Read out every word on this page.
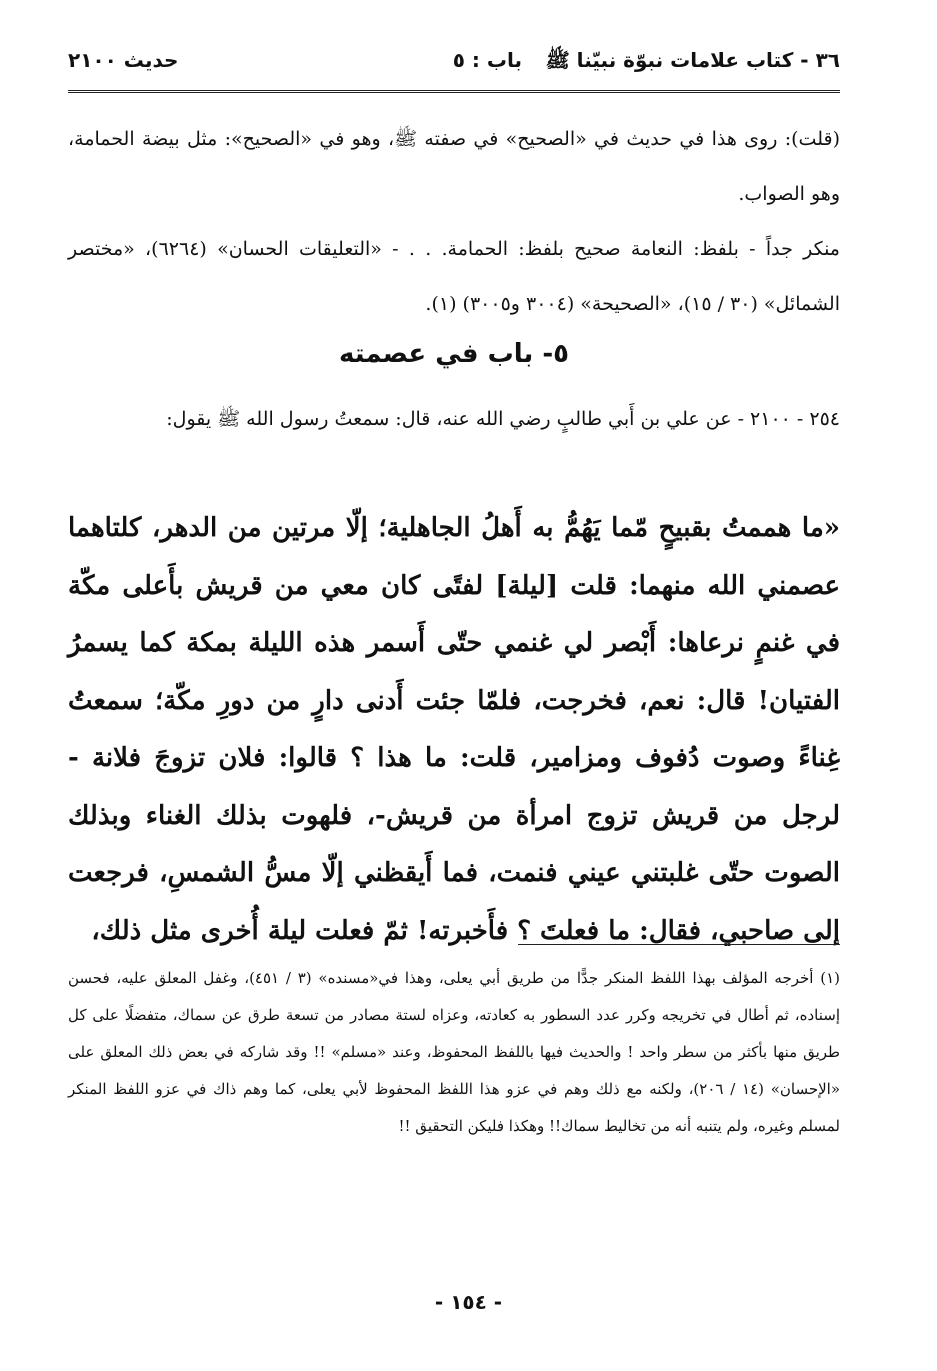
٣٦ - كتاب علامات نبوّة نبيّنا ﷺ
باب : ٥
حديث ٢١٠٠
(قلت): روى هذا في حديث في «الصحيح» في صفته ﷺ، وهو في «الصحيح»: مثل بيضة الحمامة، وهو الصواب.
منكر جداً - بلفظ: النعامة صحيح بلفظ: الحمامة. . . - «التعليقات الحسان» (٦٢٦٤)، «مختصر الشمائل» (٣٠ / ١٥)، «الصحيحة» (٣٠٠٤ و٣٠٠٥) (١).
٥- باب في عصمته
٢٥٤ - ٢١٠٠ - عن علي بن أَبي طالبٍ رضي الله عنه، قال: سمعتُ رسول الله ﷺ يقول:
«ما هممتُ بقبيحٍ مّما يَهُمُّ به أَهلُ الجاهلية؛ إلّا مرتين من الدهر، كلتاهما عصمني الله منهما: قلت [ليلة] لفتًى كان معي من قريش بأَعلى مكّة في غنمٍ نرعاها: أَبْصر لي غنمي حتّى أَسمر هذه الليلة بمكة كما يسمرُ الفتيان! قال: نعم، فخرجت، فلمّا جئت أَدنى دارٍ من دورِ مكّة؛ سمعتُ غِناءً وصوت دُفوف ومزامير، قلت: ما هذا ؟ قالوا: فلان تزوجَ فلانة - لرجل من قريش تزوج امرأة من قريش-، فلهوت بذلك الغناء وبذلك الصوت حتّى غلبتني عيني فنمت، فما أَيقظني إلّا مسُّ الشمسِ، فرجعت إلى صاحبي، فقال: ما فعلتَ ؟ فأَخبرته! ثمّ فعلت ليلة أُخرى مثل ذلك،
(١) أخرجه المؤلف بهذا اللفظ المنكر جدًّا من طريق أبي يعلى، وهذا في«مسنده» (٣ / ٤٥١)، وغفل المعلق عليه، فحسن إسناده، ثم أطال في تخريجه وكرر عدد السطور به كعادته، وعزاه لستة مصادر من تسعة طرق عن سماك، متفضلًا على كل طريق منها بأكثر من سطر واحد ! والحديث فيها باللفظ المحفوظ، وعند «مسلم» !! وقد شاركه في بعض ذلك المعلق على «الإحسان» (١٤ / ٢٠٦)، ولكنه مع ذلك وهم في عزو هذا اللفظ المحفوظ لأبي يعلى، كما وهم ذاك في عزو اللفظ المنكر لمسلم وغيره، ولم يتنبه أنه من تخاليط سماك!! وهكذا فليكن التحقيق !!
- ١٥٤ -
